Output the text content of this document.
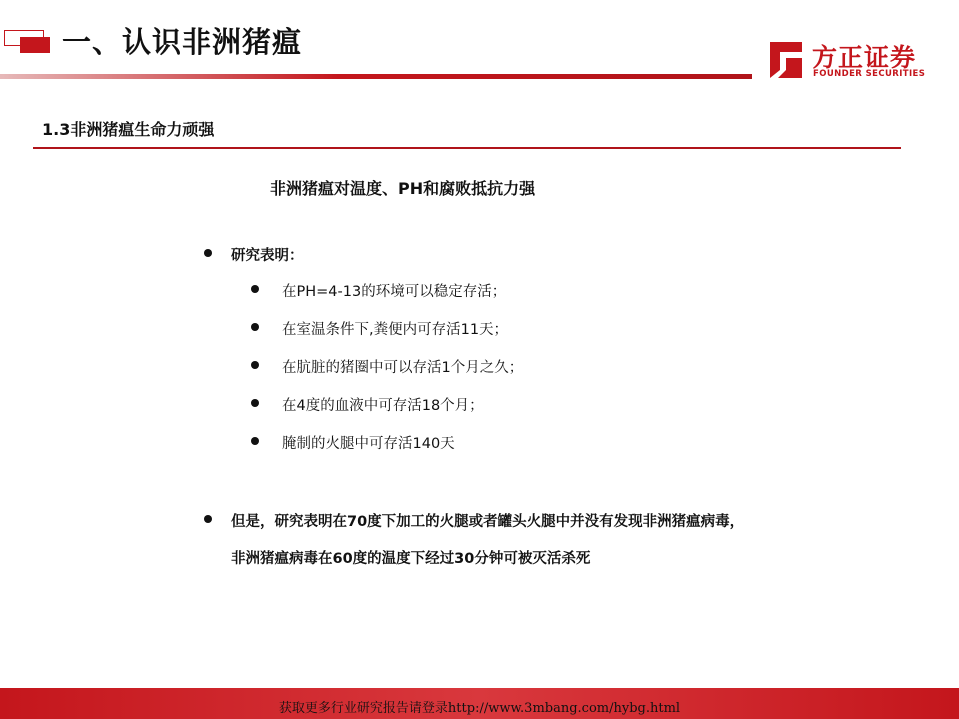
一、认识非洲猪瘟	方正证券
FOUNDER SECURITIES
1.3非洲猪瘟生命力顽强
非洲猪瘟对温度、PH和腐败抵抗力强
研究表明：
在PH=4-13的环境可以稳定存活；
在室温条件下,粪便内可存活11天；
在肮脏的猪圈中可以存活1个月之久；
在4度的血液中可存活18个月；
腌制的火腿中可存活140天
但是，研究表明在70度下加工的火腿或者罐头火腿中并没有发现非洲猪瘟病毒，
非洲猪瘟病毒在60度的温度下经过30分钟可被灭活杀死
获取更多行业研究报告请登录http://www.3mbang.com/hybg.html
